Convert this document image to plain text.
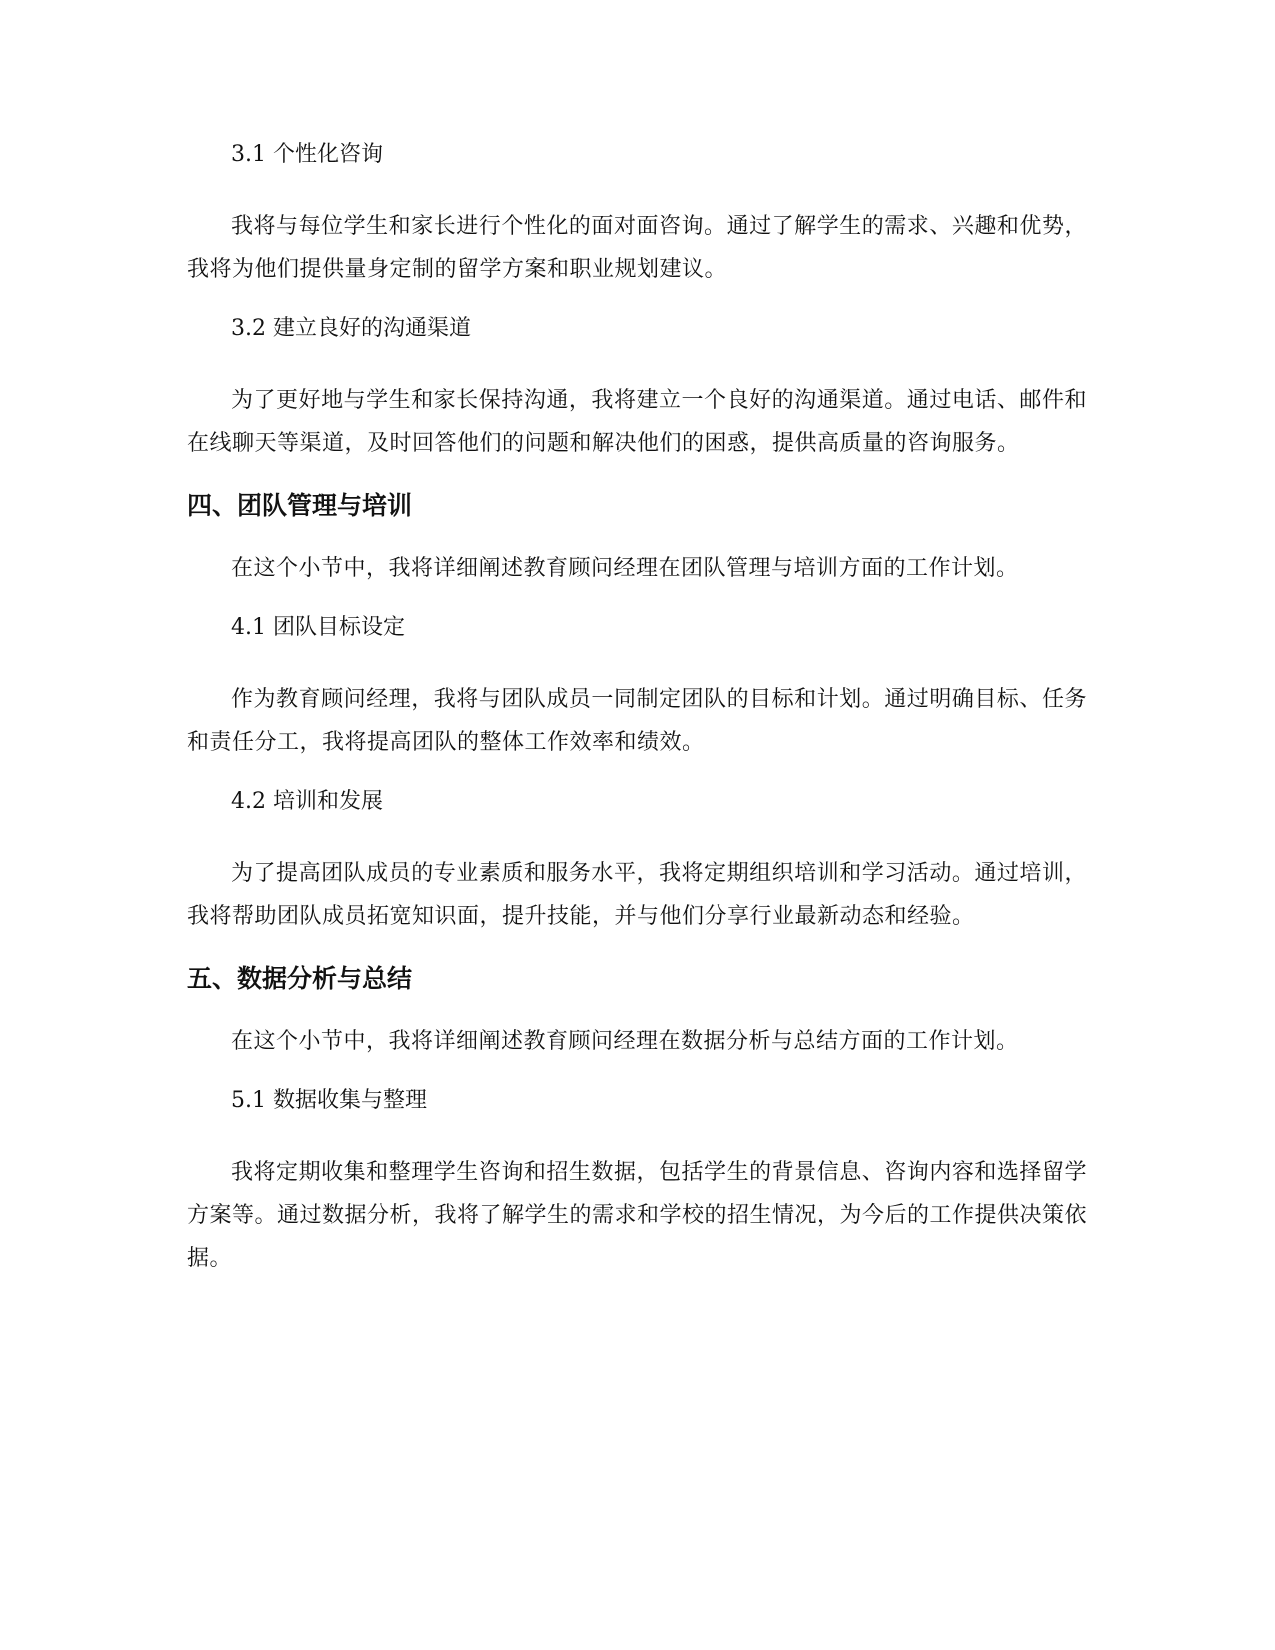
3.1 个性化咨询
我将与每位学生和家长进行个性化的面对面咨询。通过了解学生的需求、兴趣和优势，我将为他们提供量身定制的留学方案和职业规划建议。
3.2 建立良好的沟通渠道
为了更好地与学生和家长保持沟通，我将建立一个良好的沟通渠道。通过电话、邮件和在线聊天等渠道，及时回答他们的问题和解决他们的困惑，提供高质量的咨询服务。
四、团队管理与培训
在这个小节中，我将详细阐述教育顾问经理在团队管理与培训方面的工作计划。
4.1 团队目标设定
作为教育顾问经理，我将与团队成员一同制定团队的目标和计划。通过明确目标、任务和责任分工，我将提高团队的整体工作效率和绩效。
4.2 培训和发展
为了提高团队成员的专业素质和服务水平，我将定期组织培训和学习活动。通过培训，我将帮助团队成员拓宽知识面，提升技能，并与他们分享行业最新动态和经验。
五、数据分析与总结
在这个小节中，我将详细阐述教育顾问经理在数据分析与总结方面的工作计划。
5.1 数据收集与整理
我将定期收集和整理学生咨询和招生数据，包括学生的背景信息、咨询内容和选择留学方案等。通过数据分析，我将了解学生的需求和学校的招生情况，为今后的工作提供决策依据。
